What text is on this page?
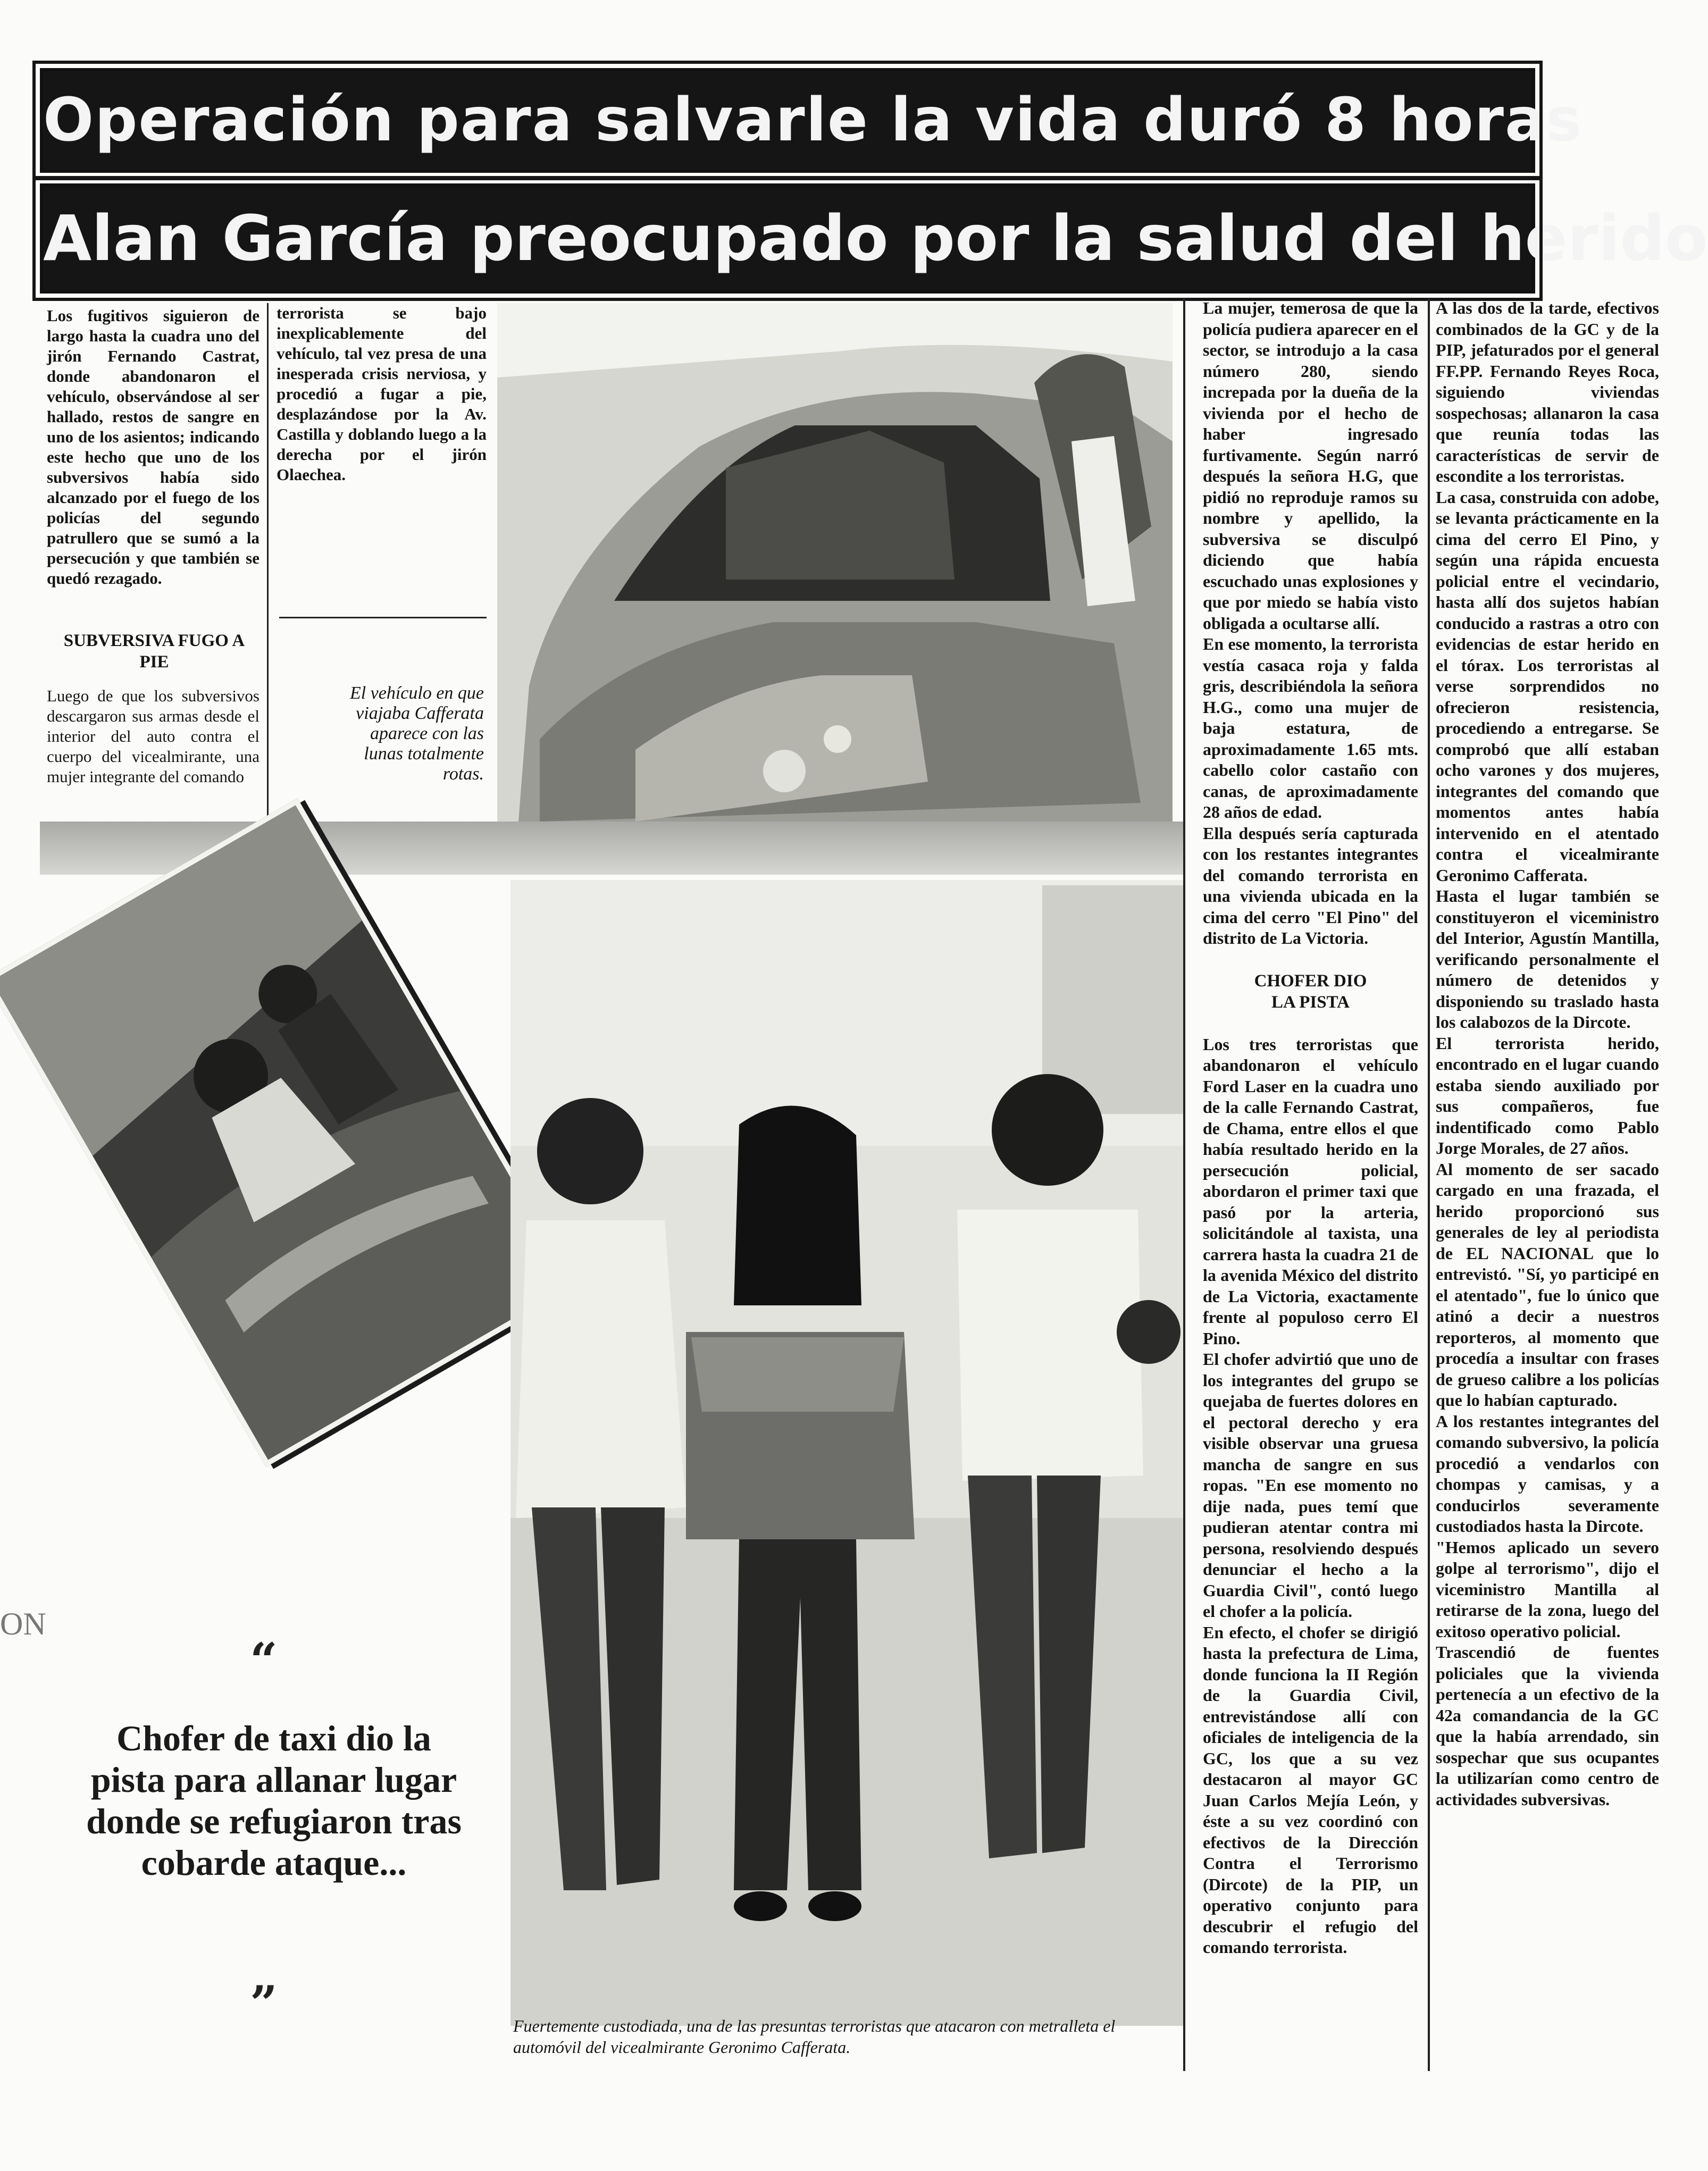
Operación para salvarle la vida duró 8 horas
Alan García preocupado por la salud del herido
Los fugitivos siguieron de largo hasta la cuadra uno del jirón Fernando Castrat, donde abandonaron el vehículo, observándose al ser hallado, restos de sangre en uno de los asientos; indicando este hecho que uno de los subversivos había sido alcanzado por el fuego de los policías del segundo patrullero que se sumó a la persecución y que también se quedó rezagado.
SUBVERSIVA FUGO A PIE
Luego de que los subversivos descargaron sus armas desde el interior del auto contra el cuerpo del vicealmirante, una mujer integrante del comando
terrorista se bajo inexplicablemente del vehículo, tal vez presa de una inesperada crisis nerviosa, y procedió a fugar a pie, desplazándose por la Av. Castilla y doblando luego a la derecha por el jirón Olaechea.
El vehículo en que viajaba Cafferata aparece con las lunas totalmente rotas.
Fuertemente custodiada, una de las presuntas terroristas que atacaron con metralleta el automóvil del vicealmirante Geronimo Cafferata.
“
Chofer de taxi dio la pista para allanar lugar donde se refugiaron tras cobarde ataque...
”
ON
La mujer, temerosa de que la policía pudiera aparecer en el sector, se introdujo a la casa número 280, siendo increpada por la dueña de la vivienda por el hecho de haber ingresado furtivamente. Según narró después la señora H.G, que pidió no reproduje ramos su nombre y apellido, la subversiva se disculpó diciendo que había escuchado unas explosiones y que por miedo se había visto obligada a ocultarse allí.
En ese momento, la terrorista vestía casaca roja y falda gris, describiéndola la señora H.G., como una mujer de baja estatura, de aproximadamente 1.65 mts. cabello color castaño con canas, de aproximadamente 28 años de edad.
Ella después sería capturada con los restantes integrantes del comando terrorista en una vivienda ubicada en la cima del cerro "El Pino" del distrito de La Victoria.
CHOFER DIO LA PISTA
Los tres terroristas que abandonaron el vehículo Ford Laser en la cuadra uno de la calle Fernando Castrat, de Chama, entre ellos el que había resultado herido en la persecución policial, abordaron el primer taxi que pasó por la arteria, solicitándole al taxista, una carrera hasta la cuadra 21 de la avenida México del distrito de La Victoria, exactamente frente al populoso cerro El Pino.
El chofer advirtió que uno de los integrantes del grupo se quejaba de fuertes dolores en el pectoral derecho y era visible observar una gruesa mancha de sangre en sus ropas. "En ese momento no dije nada, pues temí que pudieran atentar contra mi persona, resolviendo después denunciar el hecho a la Guardia Civil", contó luego el chofer a la policía.
En efecto, el chofer se dirigió hasta la prefectura de Lima, donde funciona la II Región de la Guardia Civil, entrevistándose allí con oficiales de inteligencia de la GC, los que a su vez destacaron al mayor GC Juan Carlos Mejía León, y éste a su vez coordinó con efectivos de la Dirección Contra el Terrorismo (Dircote) de la PIP, un operativo conjunto para descubrir el refugio del comando terrorista.
A las dos de la tarde, efectivos combinados de la GC y de la PIP, jefaturados por el general FF.PP. Fernando Reyes Roca, siguiendo viviendas sospechosas; allanaron la casa que reunía todas las características de servir de escondite a los terroristas.
La casa, construida con adobe, se levanta prácticamente en la cima del cerro El Pino, y según una rápida encuesta policial entre el vecindario, hasta allí dos sujetos habían conducido a rastras a otro con evidencias de estar herido en el tórax. Los terroristas al verse sorprendidos no ofrecieron resistencia, procediendo a entregarse. Se comprobó que allí estaban ocho varones y dos mujeres, integrantes del comando que momentos antes había intervenido en el atentado contra el vicealmirante Geronimo Cafferata.
Hasta el lugar también se constituyeron el viceministro del Interior, Agustín Mantilla, verificando personalmente el número de detenidos y disponiendo su traslado hasta los calabozos de la Dircote.
El terrorista herido, encontrado en el lugar cuando estaba siendo auxiliado por sus compañeros, fue indentificado como Pablo Jorge Morales, de 27 años.
Al momento de ser sacado cargado en una frazada, el herido proporcionó sus generales de ley al periodista de EL NACIONAL que lo entrevistó. "Sí, yo participé en el atentado", fue lo único que atinó a decir a nuestros reporteros, al momento que procedía a insultar con frases de grueso calibre a los policías que lo habían capturado.
A los restantes integrantes del comando subversivo, la policía procedió a vendarlos con chompas y camisas, y a conducirlos severamente custodiados hasta la Dircote.
"Hemos aplicado un severo golpe al terrorismo", dijo el viceministro Mantilla al retirarse de la zona, luego del exitoso operativo policial.
Trascendió de fuentes policiales que la vivienda pertenecía a un efectivo de la 42a comandancia de la GC que la había arrendado, sin sospechar que sus ocupantes la utilizarían como centro de actividades subversivas.
